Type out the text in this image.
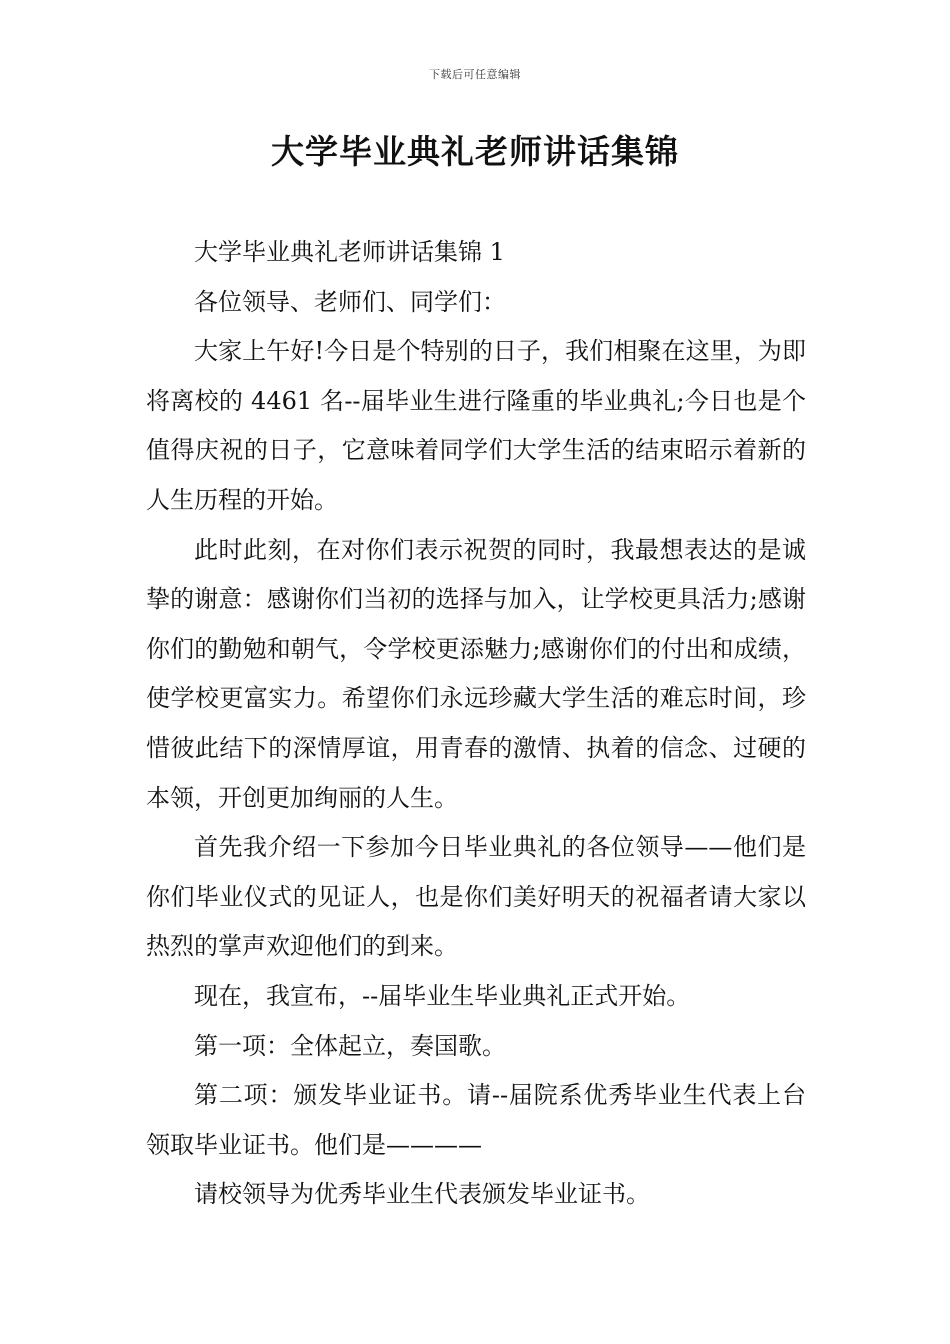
下载后可任意编辑
大学毕业典礼老师讲话集锦

大学毕业典礼老师讲话集锦 1

各位领导、老师们、同学们：

大家上午好!今日是个特别的日子，我们相聚在这里，为即将离校的 4461 名--届毕业生进行隆重的毕业典礼;今日也是个值得庆祝的日子，它意味着同学们大学生活的结束昭示着新的人生历程的开始。

此时此刻，在对你们表示祝贺的同时，我最想表达的是诚挚的谢意：感谢你们当初的选择与加入，让学校更具活力;感谢你们的勤勉和朝气，令学校更添魅力;感谢你们的付出和成绩，使学校更富实力。希望你们永远珍藏大学生活的难忘时间，珍惜彼此结下的深情厚谊，用青春的激情、执着的信念、过硬的本领，开创更加绚丽的人生。

首先我介绍一下参加今日毕业典礼的各位领导——他们是你们毕业仪式的见证人，也是你们美好明天的祝福者请大家以热烈的掌声欢迎他们的到来。

现在，我宣布，--届毕业生毕业典礼正式开始。

第一项：全体起立，奏国歌。

第二项：颁发毕业证书。请--届院系优秀毕业生代表上台领取毕业证书。他们是————

请校领导为优秀毕业生代表颁发毕业证书。
